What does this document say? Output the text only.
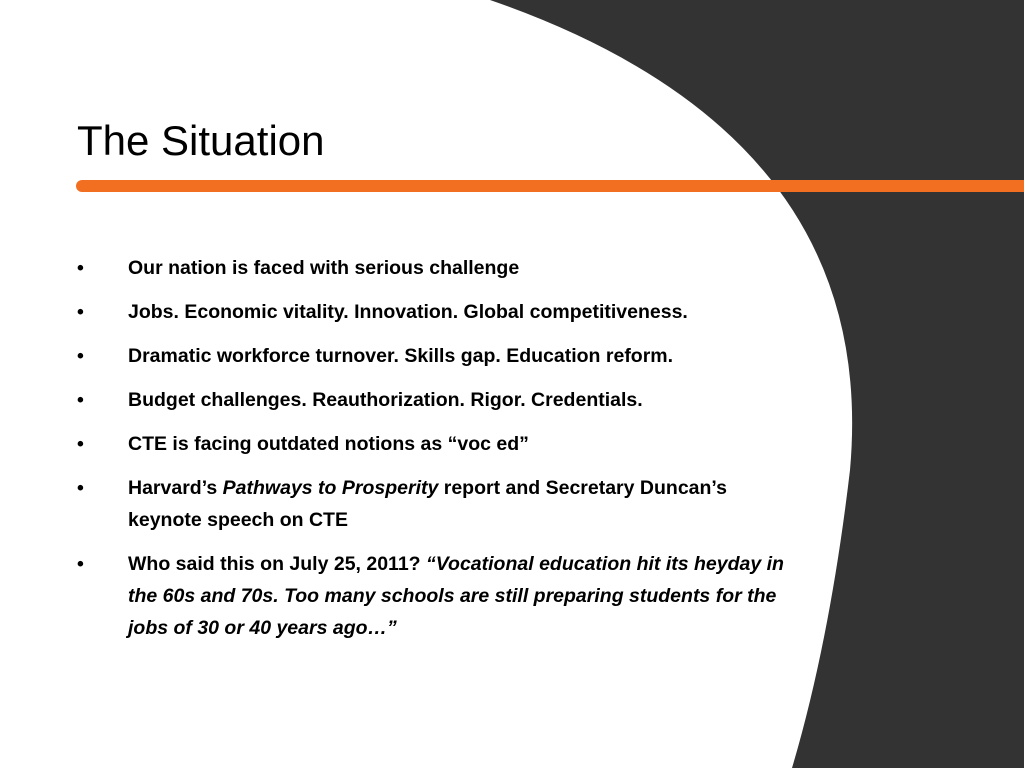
The Situation
•	Our nation is faced with serious challenge
•	Jobs. Economic vitality. Innovation. Global competitiveness.
•	Dramatic workforce turnover. Skills gap. Education reform.
•	Budget challenges. Reauthorization. Rigor. Credentials.
•	CTE is facing outdated notions as “voc ed”
•	Harvard’s Pathways to Prosperity report and Secretary Duncan’s keynote speech on CTE
•	Who said this on July 25, 2011? “Vocational education hit its heyday in the 60s and 70s. Too many schools are still preparing students for the jobs of 30 or 40 years ago…”
